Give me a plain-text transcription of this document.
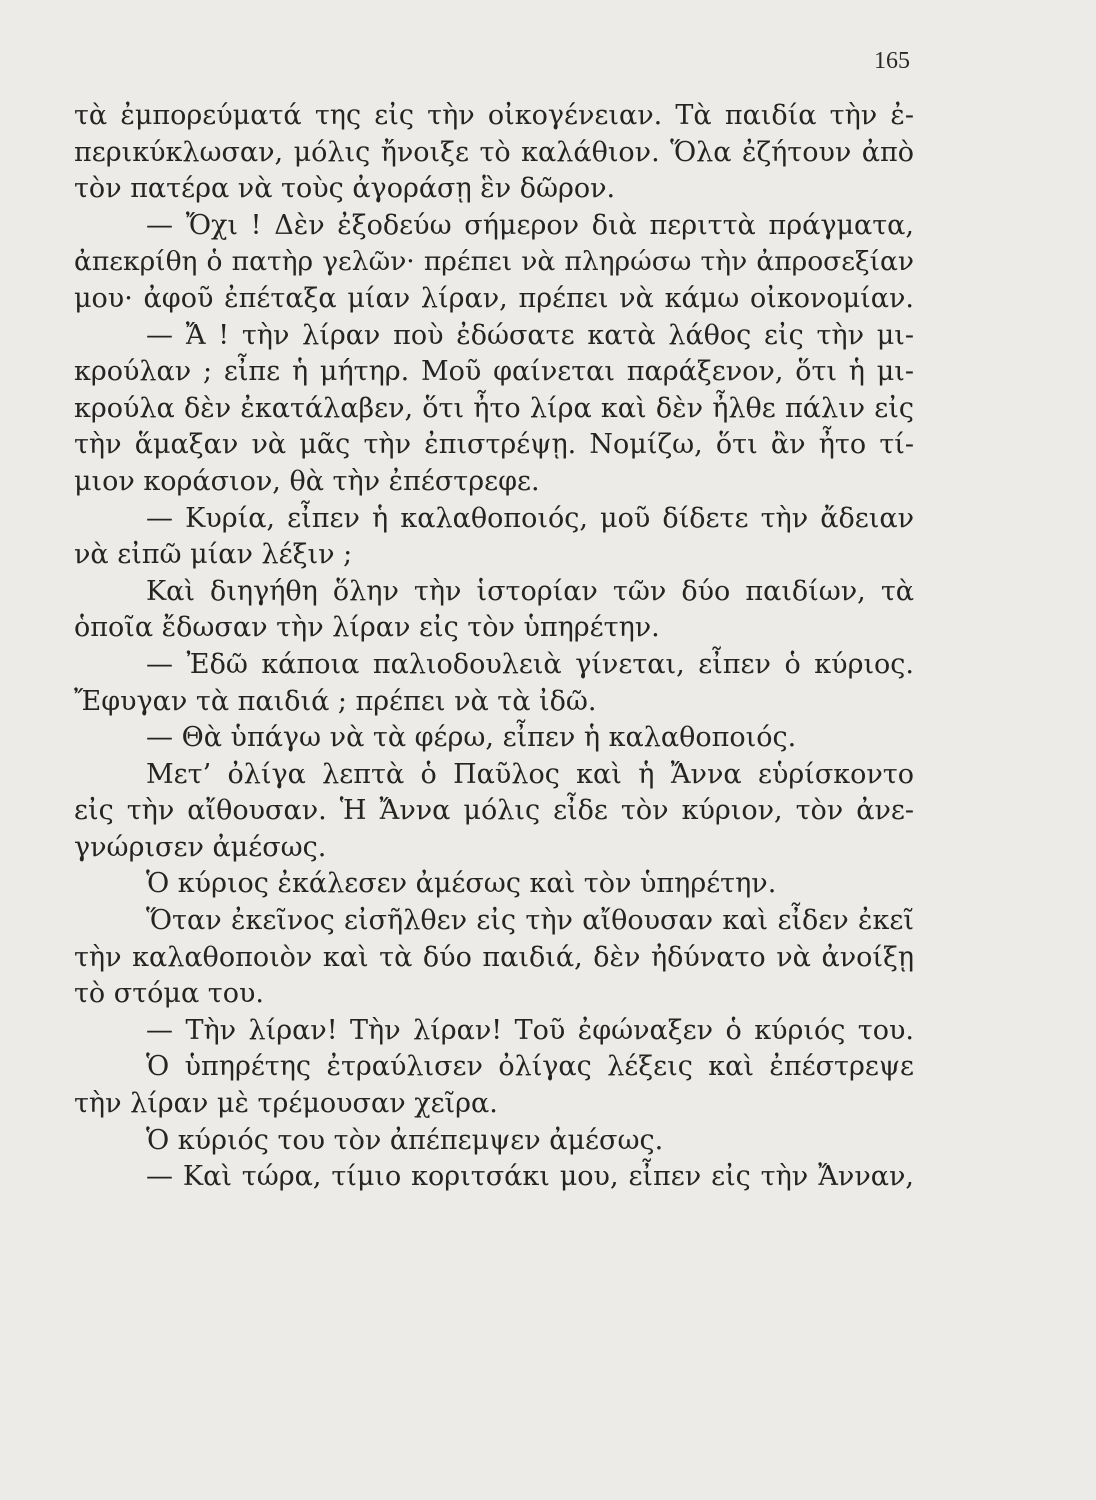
165
τὰ ἐμπορεύματά της εἰς τὴν οἰκογένειαν. Τὰ παιδία τὴν ἐ-
περικύκλωσαν, μόλις ἤνοιξε τὸ καλάθιον. Ὅλα ἐζήτουν ἀπὸ
τὸν πατέρα νὰ τοὺς ἀγοράσῃ ἓν δῶρον.
— Ὄχι ! Δὲν ἐξοδεύω σήμερον διὰ περιττὰ πράγματα,
ἀπεκρίθη ὁ πατὴρ γελῶν· πρέπει νὰ πληρώσω τὴν ἀπροσεξίαν
μου· ἀφοῦ ἐπέταξα μίαν λίραν, πρέπει νὰ κάμω οἰκονομίαν.
— Ἄ ! τὴν λίραν ποὺ ἐδώσατε κατὰ λάθος εἰς τὴν μι-
κρούλαν ; εἶπε ἡ μήτηρ. Μοῦ φαίνεται παράξενον, ὅτι ἡ μι-
κρούλα δὲν ἐκατάλαβεν, ὅτι ἦτο λίρα καὶ δὲν ἦλθε πάλιν εἰς
τὴν ἅμαξαν νὰ μᾶς τὴν ἐπιστρέψῃ. Νομίζω, ὅτι ἂν ἦτο τί-
μιον κοράσιον, θὰ τὴν ἐπέστρεφε.
— Κυρία, εἶπεν ἡ καλαθοποιός, μοῦ δίδετε τὴν ἄδειαν
νὰ εἰπῶ μίαν λέξιν ;
Καὶ διηγήθη ὅλην τὴν ἱστορίαν τῶν δύο παιδίων, τὰ
ὁποῖα ἔδωσαν τὴν λίραν εἰς τὸν ὑπηρέτην.
— Ἐδῶ κάποια παλιοδουλειὰ γίνεται, εἶπεν ὁ κύριος.
Ἔφυγαν τὰ παιδιά ; πρέπει νὰ τὰ ἰδῶ.
— Θὰ ὑπάγω νὰ τὰ φέρω, εἶπεν ἡ καλαθοποιός.
Μετ’ ὀλίγα λεπτὰ ὁ Παῦλος καὶ ἡ Ἄννα εὑρίσκοντο
εἰς τὴν αἴθουσαν. Ἡ Ἄννα μόλις εἶδε τὸν κύριον, τὸν ἀνε-
γνώρισεν ἀμέσως.
Ὁ κύριος ἐκάλεσεν ἀμέσως καὶ τὸν ὑπηρέτην.
Ὅταν ἐκεῖνος εἰσῆλθεν εἰς τὴν αἴθουσαν καὶ εἶδεν ἐκεῖ
τὴν καλαθοποιὸν καὶ τὰ δύο παιδιά, δὲν ἠδύνατο νὰ ἀνοίξῃ
τὸ στόμα του.
— Τὴν λίραν! Τὴν λίραν! Τοῦ ἐφώναξεν ὁ κύριός του.
Ὁ ὑπηρέτης ἐτραύλισεν ὀλίγας λέξεις καὶ ἐπέστρεψε
τὴν λίραν μὲ τρέμουσαν χεῖρα.
Ὁ κύριός του τὸν ἀπέπεμψεν ἀμέσως.
— Καὶ τώρα, τίμιο κοριτσάκι μου, εἶπεν εἰς τὴν Ἄνναν,
